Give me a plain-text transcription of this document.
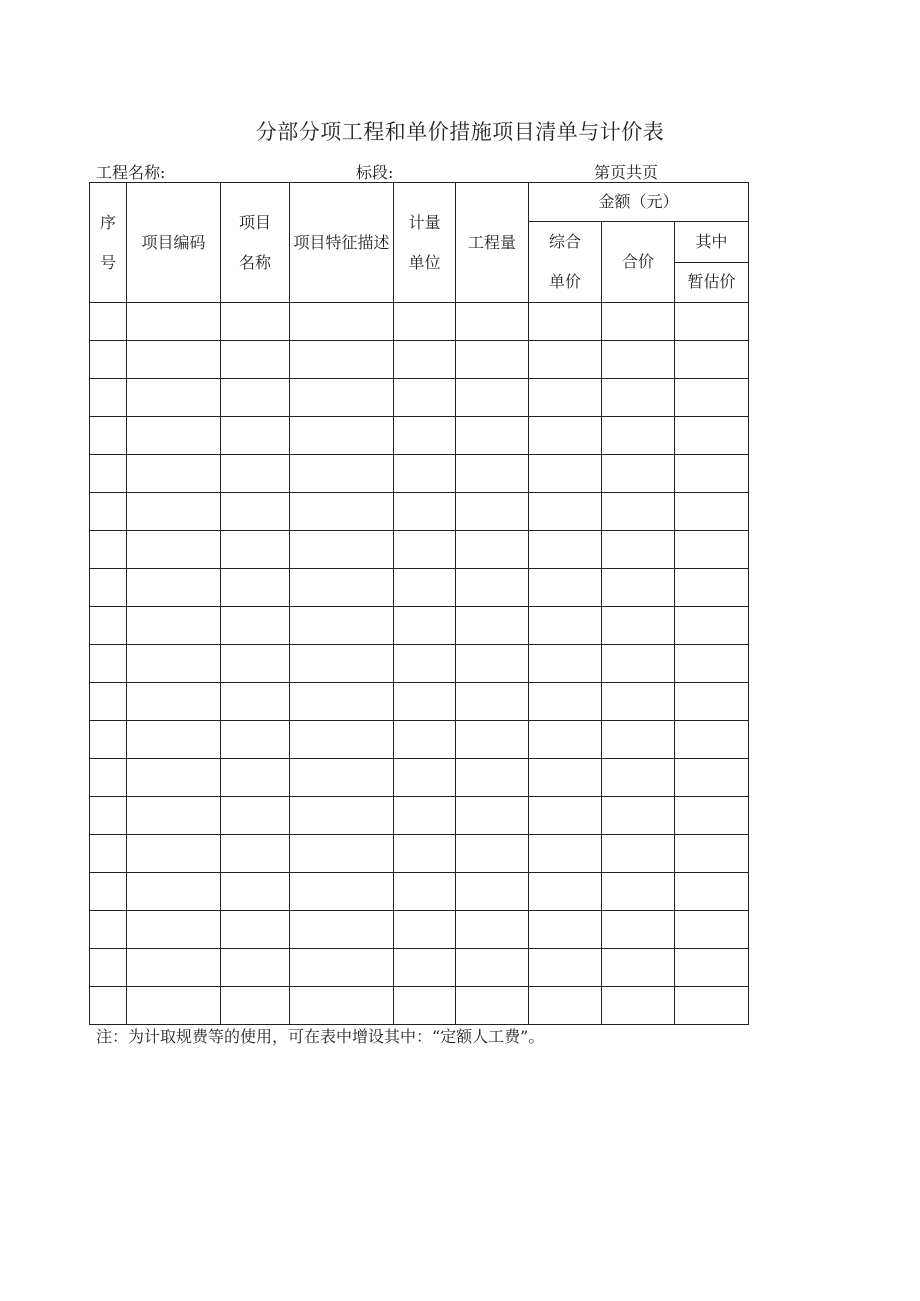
分部分项工程和单价措施项目清单与计价表
工程名称:	标段:	第页共页
序号	项目编码	项目名称	项目特征描述	计量单位	工程量	金额（元）		
						综合单价	合价	其中
								暂估价

注：为计取规费等的使用，可在表中增设其中：“定额人工费”。
